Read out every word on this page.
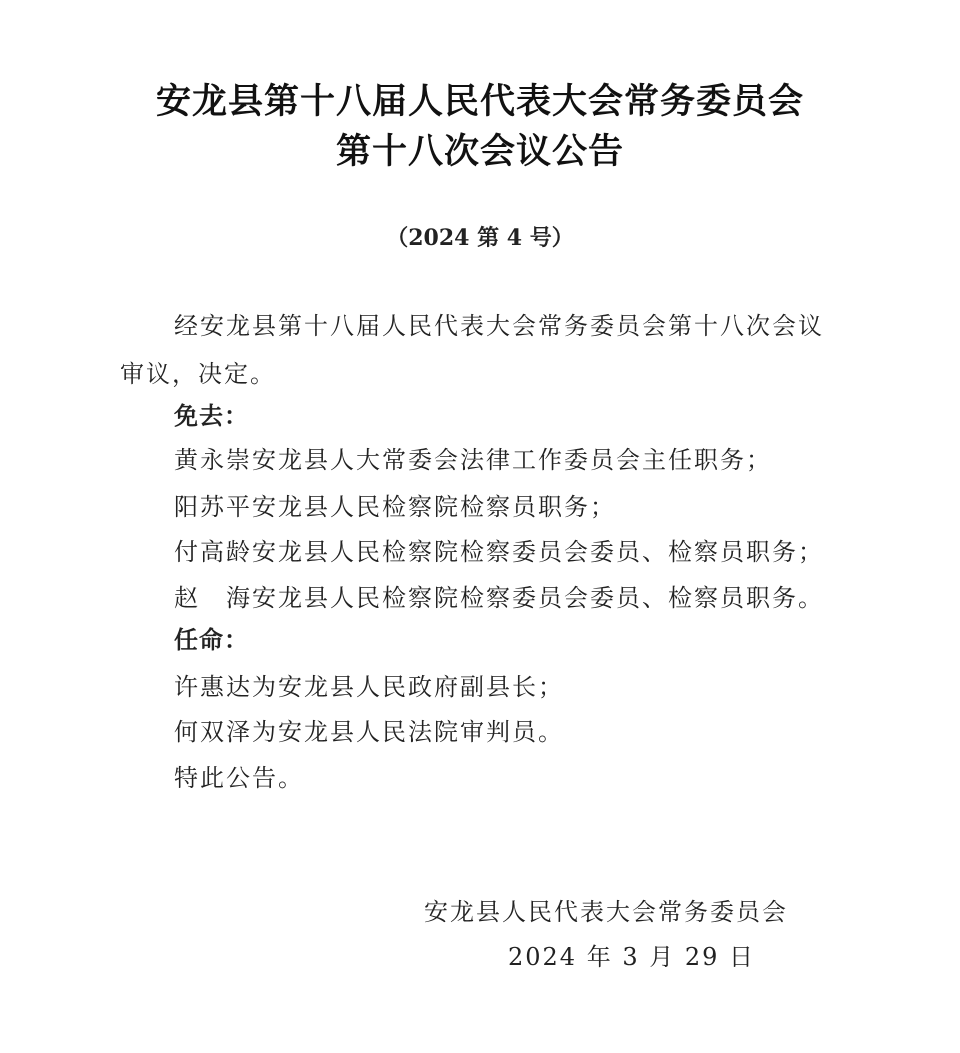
安龙县第十八届人民代表大会常务委员会
第十八次会议公告
（2024 第 4 号）
经安龙县第十八届人民代表大会常务委员会第十八次会议
审议，决定。
免去：
黄永崇安龙县人大常委会法律工作委员会主任职务；
阳苏平安龙县人民检察院检察员职务；
付高龄安龙县人民检察院检察委员会委员、检察员职务；
赵　海安龙县人民检察院检察委员会委员、检察员职务。
任命：
许惠达为安龙县人民政府副县长；
何双泽为安龙县人民法院审判员。
特此公告。
安龙县人民代表大会常务委员会
2024 年 3 月 29 日
